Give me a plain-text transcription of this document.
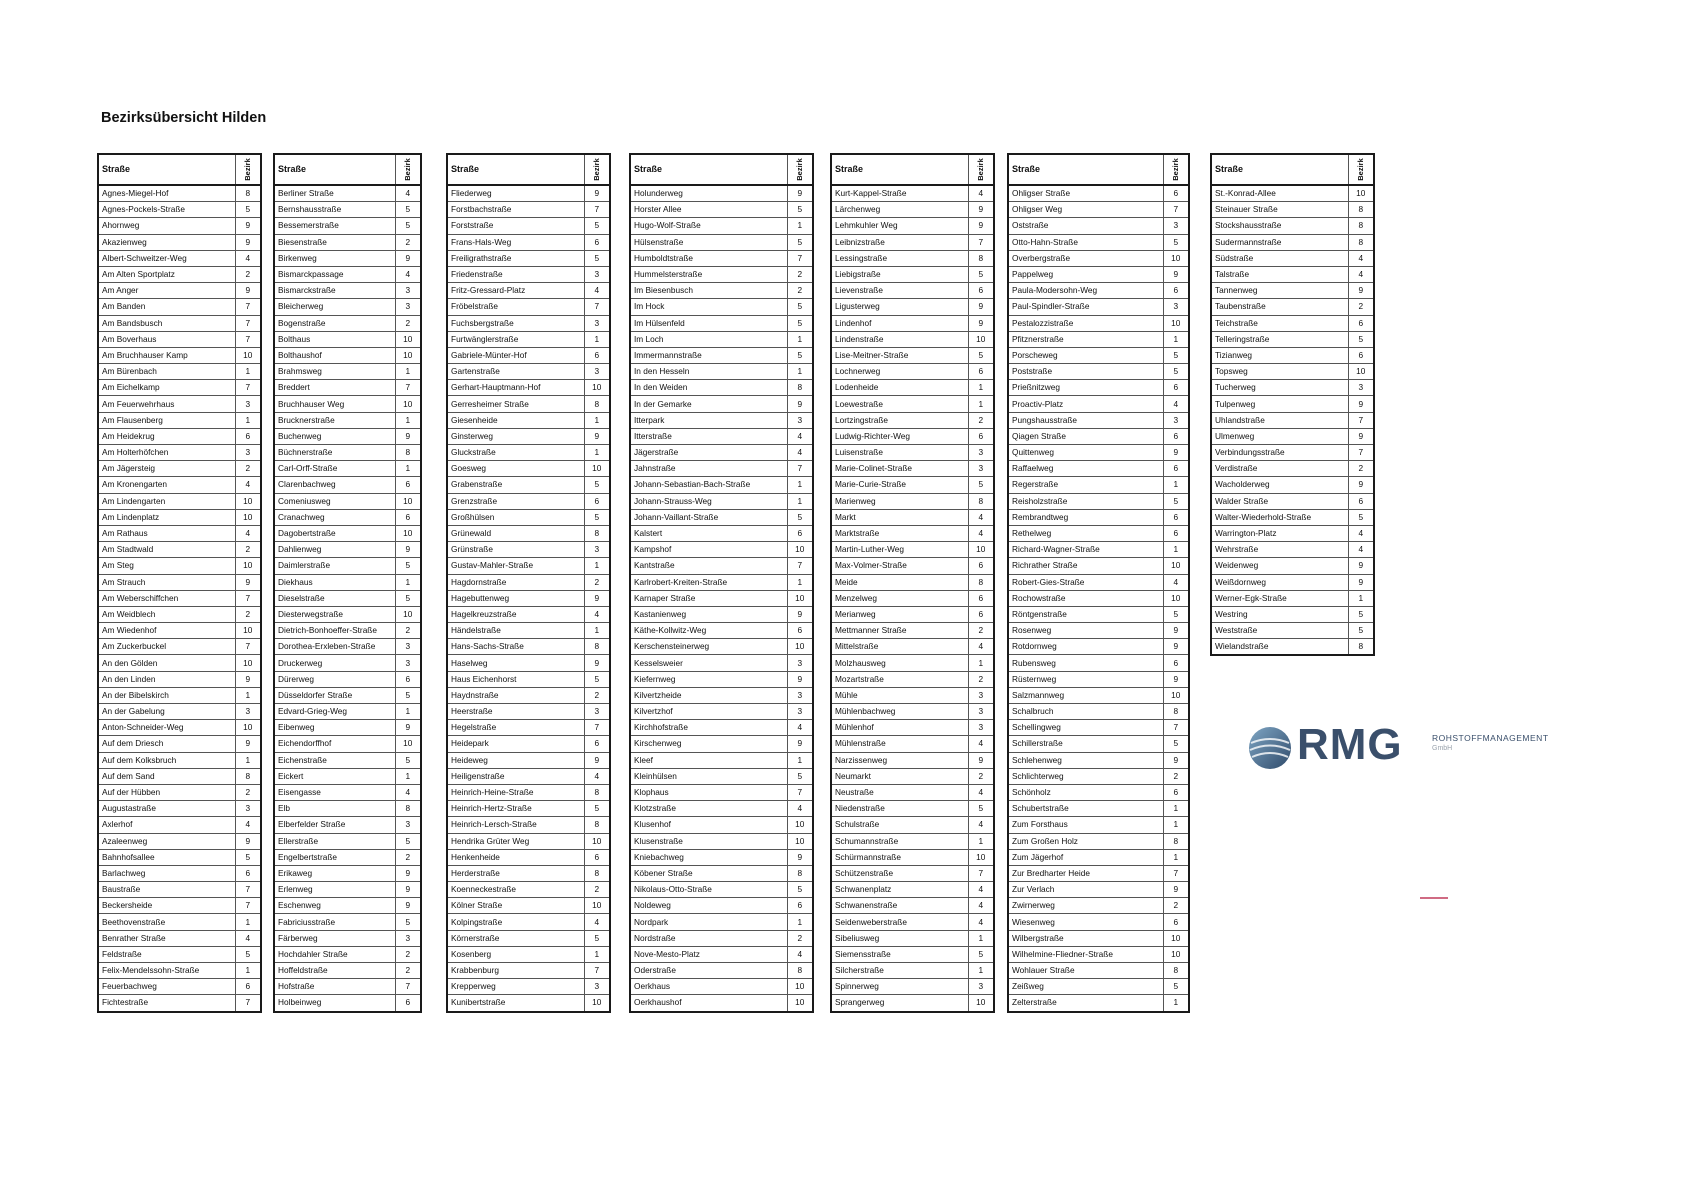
Bezirksübersicht Hilden
Straße	Bezirk
Agnes-Miegel-Hof	8
Agnes-Pockels-Straße	5
Ahornweg	9
Akazienweg	9
Albert-Schweitzer-Weg	4
Am Alten Sportplatz	2
Am Anger	9
Am Banden	7
Am Bandsbusch	7
Am Boverhaus	7
Am Bruchhauser Kamp	10
Am Bürenbach	1
Am Eichelkamp	7
Am Feuerwehrhaus	3
Am Flausenberg	1
Am Heidekrug	6
Am Holterhöfchen	3
Am Jägersteig	2
Am Kronengarten	4
Am Lindengarten	10
Am Lindenplatz	10
Am Rathaus	4
Am Stadtwald	2
Am Steg	10
Am Strauch	9
Am Weberschiffchen	7
Am Weidblech	2
Am Wiedenhof	10
Am Zuckerbuckel	7
An den Gölden	10
An den Linden	9
An der Bibelskirch	1
An der Gabelung	3
Anton-Schneider-Weg	10
Auf dem Driesch	9
Auf dem Kolksbruch	1
Auf dem Sand	8
Auf der Hübben	2
Augustastraße	3
Axlerhof	4
Azaleenweg	9
Bahnhofsallee	5
Barlachweg	6
Baustraße	7
Beckersheide	7
Beethovenstraße	1
Benrather Straße	4
Feldstraße	5
Felix-Mendelssohn-Straße	1
Feuerbachweg	6
Fichtestraße	7
Straße	Bezirk
Berliner Straße	4
Bernshausstraße	5
Bessemerstraße	5
Biesenstraße	2
Birkenweg	9
Bismarckpassage	4
Bismarckstraße	3
Bleicherweg	3
Bogenstraße	2
Bolthaus	10
Bolthaushof	10
Brahmsweg	1
Breddert	7
Bruchhauser Weg	10
Brucknerstraße	1
Buchenweg	9
Büchnerstraße	8
Carl-Orff-Straße	1
Clarenbachweg	6
Comeniusweg	10
Cranachweg	6
Dagobertstraße	10
Dahlienweg	9
Daimlerstraße	5
Diekhaus	1
Dieselstraße	5
Diesterwegstraße	10
Dietrich-Bonhoeffer-Straße	2
Dorothea-Erxleben-Straße	3
Druckerweg	3
Dürerweg	6
Düsseldorfer Straße	5
Edvard-Grieg-Weg	1
Eibenweg	9
Eichendorffhof	10
Eichenstraße	5
Eickert	1
Eisengasse	4
Elb	8
Elberfelder Straße	3
Ellerstraße	5
Engelbertstraße	2
Erikaweg	9
Erlenweg	9
Eschenweg	9
Fabriciusstraße	5
Färberweg	3
Hochdahler Straße	2
Hoffeldstraße	2
Hofstraße	7
Holbeinweg	6
Straße	Bezirk
Fliederweg	9
Forstbachstraße	7
Forststraße	5
Frans-Hals-Weg	6
Freiligrathstraße	5
Friedenstraße	3
Fritz-Gressard-Platz	4
Fröbelstraße	7
Fuchsbergstraße	3
Furtwänglerstraße	1
Gabriele-Münter-Hof	6
Gartenstraße	3
Gerhart-Hauptmann-Hof	10
Gerresheimer Straße	8
Giesenheide	1
Ginsterweg	9
Gluckstraße	1
Goesweg	10
Grabenstraße	5
Grenzstraße	6
Großhülsen	5
Grünewald	8
Grünstraße	3
Gustav-Mahler-Straße	1
Hagdornstraße	2
Hagebuttenweg	9
Hagelkreuzstraße	4
Händelstraße	1
Hans-Sachs-Straße	8
Haselweg	9
Haus Eichenhorst	5
Haydnstraße	2
Heerstraße	3
Hegelstraße	7
Heidepark	6
Heideweg	9
Heiligenstraße	4
Heinrich-Heine-Straße	8
Heinrich-Hertz-Straße	5
Heinrich-Lersch-Straße	8
Hendrika Grüter Weg	10
Henkenheide	6
Herderstraße	8
Koenneckestraße	2
Kölner Straße	10
Kolpingstraße	4
Körnerstraße	5
Kosenberg	1
Krabbenburg	7
Krepperweg	3
Kunibertstraße	10
Straße	Bezirk
Holunderweg	9
Horster Allee	5
Hugo-Wolf-Straße	1
Hülsenstraße	5
Humboldtstraße	7
Hummelsterstraße	2
Im Biesenbusch	2
Im Hock	5
Im Hülsenfeld	5
Im Loch	1
Immermannstraße	5
In den Hesseln	1
In den Weiden	8
In der Gemarke	9
Itterpark	3
Itterstraße	4
Jägerstraße	4
Jahnstraße	7
Johann-Sebastian-Bach-Straße	1
Johann-Strauss-Weg	1
Johann-Vaillant-Straße	5
Kalstert	6
Kampshof	10
Kantstraße	7
Karlrobert-Kreiten-Straße	1
Karnaper Straße	10
Kastanienweg	9
Käthe-Kollwitz-Weg	6
Kerschensteinerweg	10
Kesselsweier	3
Kiefernweg	9
Kilvertzheide	3
Kilvertzhof	3
Kirchhofstraße	4
Kirschenweg	9
Kleef	1
Kleinhülsen	5
Klophaus	7
Klotzstraße	4
Klusenhof	10
Klusenstraße	10
Kniebachweg	9
Köbener Straße	8
Nikolaus-Otto-Straße	5
Noldeweg	6
Nordpark	1
Nordstraße	2
Nove-Mesto-Platz	4
Oderstraße	8
Oerkhaus	10
Oerkhaushof	10
Straße	Bezirk
Kurt-Kappel-Straße	4
Lärchenweg	9
Lehmkuhler Weg	9
Leibnizstraße	7
Lessingstraße	8
Liebigstraße	5
Lievenstraße	6
Ligusterweg	9
Lindenhof	9
Lindenstraße	10
Lise-Meitner-Straße	5
Lochnerweg	6
Lodenheide	1
Loewestraße	1
Lortzingstraße	2
Ludwig-Richter-Weg	6
Luisenstraße	3
Marie-Colinet-Straße	3
Marie-Curie-Straße	5
Marienweg	8
Markt	4
Marktstraße	4
Martin-Luther-Weg	10
Max-Volmer-Straße	6
Meide	8
Menzelweg	6
Merianweg	6
Mettmanner Straße	2
Mittelstraße	4
Molzhausweg	1
Mozartstraße	2
Mühle	3
Mühlenbachweg	3
Mühlenhof	3
Mühlenstraße	4
Narzissenweg	9
Neumarkt	2
Neustraße	4
Niedenstraße	5
Schulstraße	4
Schumannstraße	1
Schürmannstraße	10
Schützenstraße	7
Schwanenplatz	4
Schwanenstraße	4
Seidenweberstraße	4
Sibeliusweg	1
Siemensstraße	5
Silcherstraße	1
Spinnerweg	3
Sprangerweg	10
Straße	Bezirk
Ohligser Straße	6
Ohligser Weg	7
Oststraße	3
Otto-Hahn-Straße	5
Overbergstraße	10
Pappelweg	9
Paula-Modersohn-Weg	6
Paul-Spindler-Straße	3
Pestalozzistraße	10
Pfitznerstraße	1
Porscheweg	5
Poststraße	5
Prießnitzweg	6
Proactiv-Platz	4
Pungshausstraße	3
Qiagen Straße	6
Quittenweg	9
Raffaelweg	6
Regerstraße	1
Reisholzstraße	5
Rembrandtweg	6
Rethelweg	6
Richard-Wagner-Straße	1
Richrather Straße	10
Robert-Gies-Straße	4
Rochowstraße	10
Röntgenstraße	5
Rosenweg	9
Rotdornweg	9
Rubensweg	6
Rüsternweg	9
Salzmannweg	10
Schalbruch	8
Schellingweg	7
Schillerstraße	5
Schlehenweg	9
Schlichterweg	2
Schönholz	6
Schubertstraße	1
Zum Forsthaus	1
Zum Großen Holz	8
Zum Jägerhof	1
Zur Bredharter Heide	7
Zur Verlach	9
Zwirnerweg	2
Wiesenweg	6
Wilbergstraße	10
Wilhelmine-Fliedner-Straße	10
Wohlauer Straße	8
Zeißweg	5
Zelterstraße	1
Straße	Bezirk
St.-Konrad-Allee	10
Steinauer Straße	8
Stockshausstraße	8
Sudermannstraße	8
Südstraße	4
Talstraße	4
Tannenweg	9
Taubenstraße	2
Teichstraße	6
Telleringstraße	5
Tizianweg	6
Topsweg	10
Tucherweg	3
Tulpenweg	9
Uhlandstraße	7
Ulmenweg	9
Verbindungsstraße	7
Verdistraße	2
Wacholderweg	9
Walder Straße	6
Walter-Wiederhold-Straße	5
Warrington-Platz	4
Wehrstraße	4
Weidenweg	9
Weißdornweg	9
Werner-Egk-Straße	1
Westring	5
Weststraße	5
Wielandstraße	8
RMG	ROHSTOFFMANAGEMENT
GmbH
